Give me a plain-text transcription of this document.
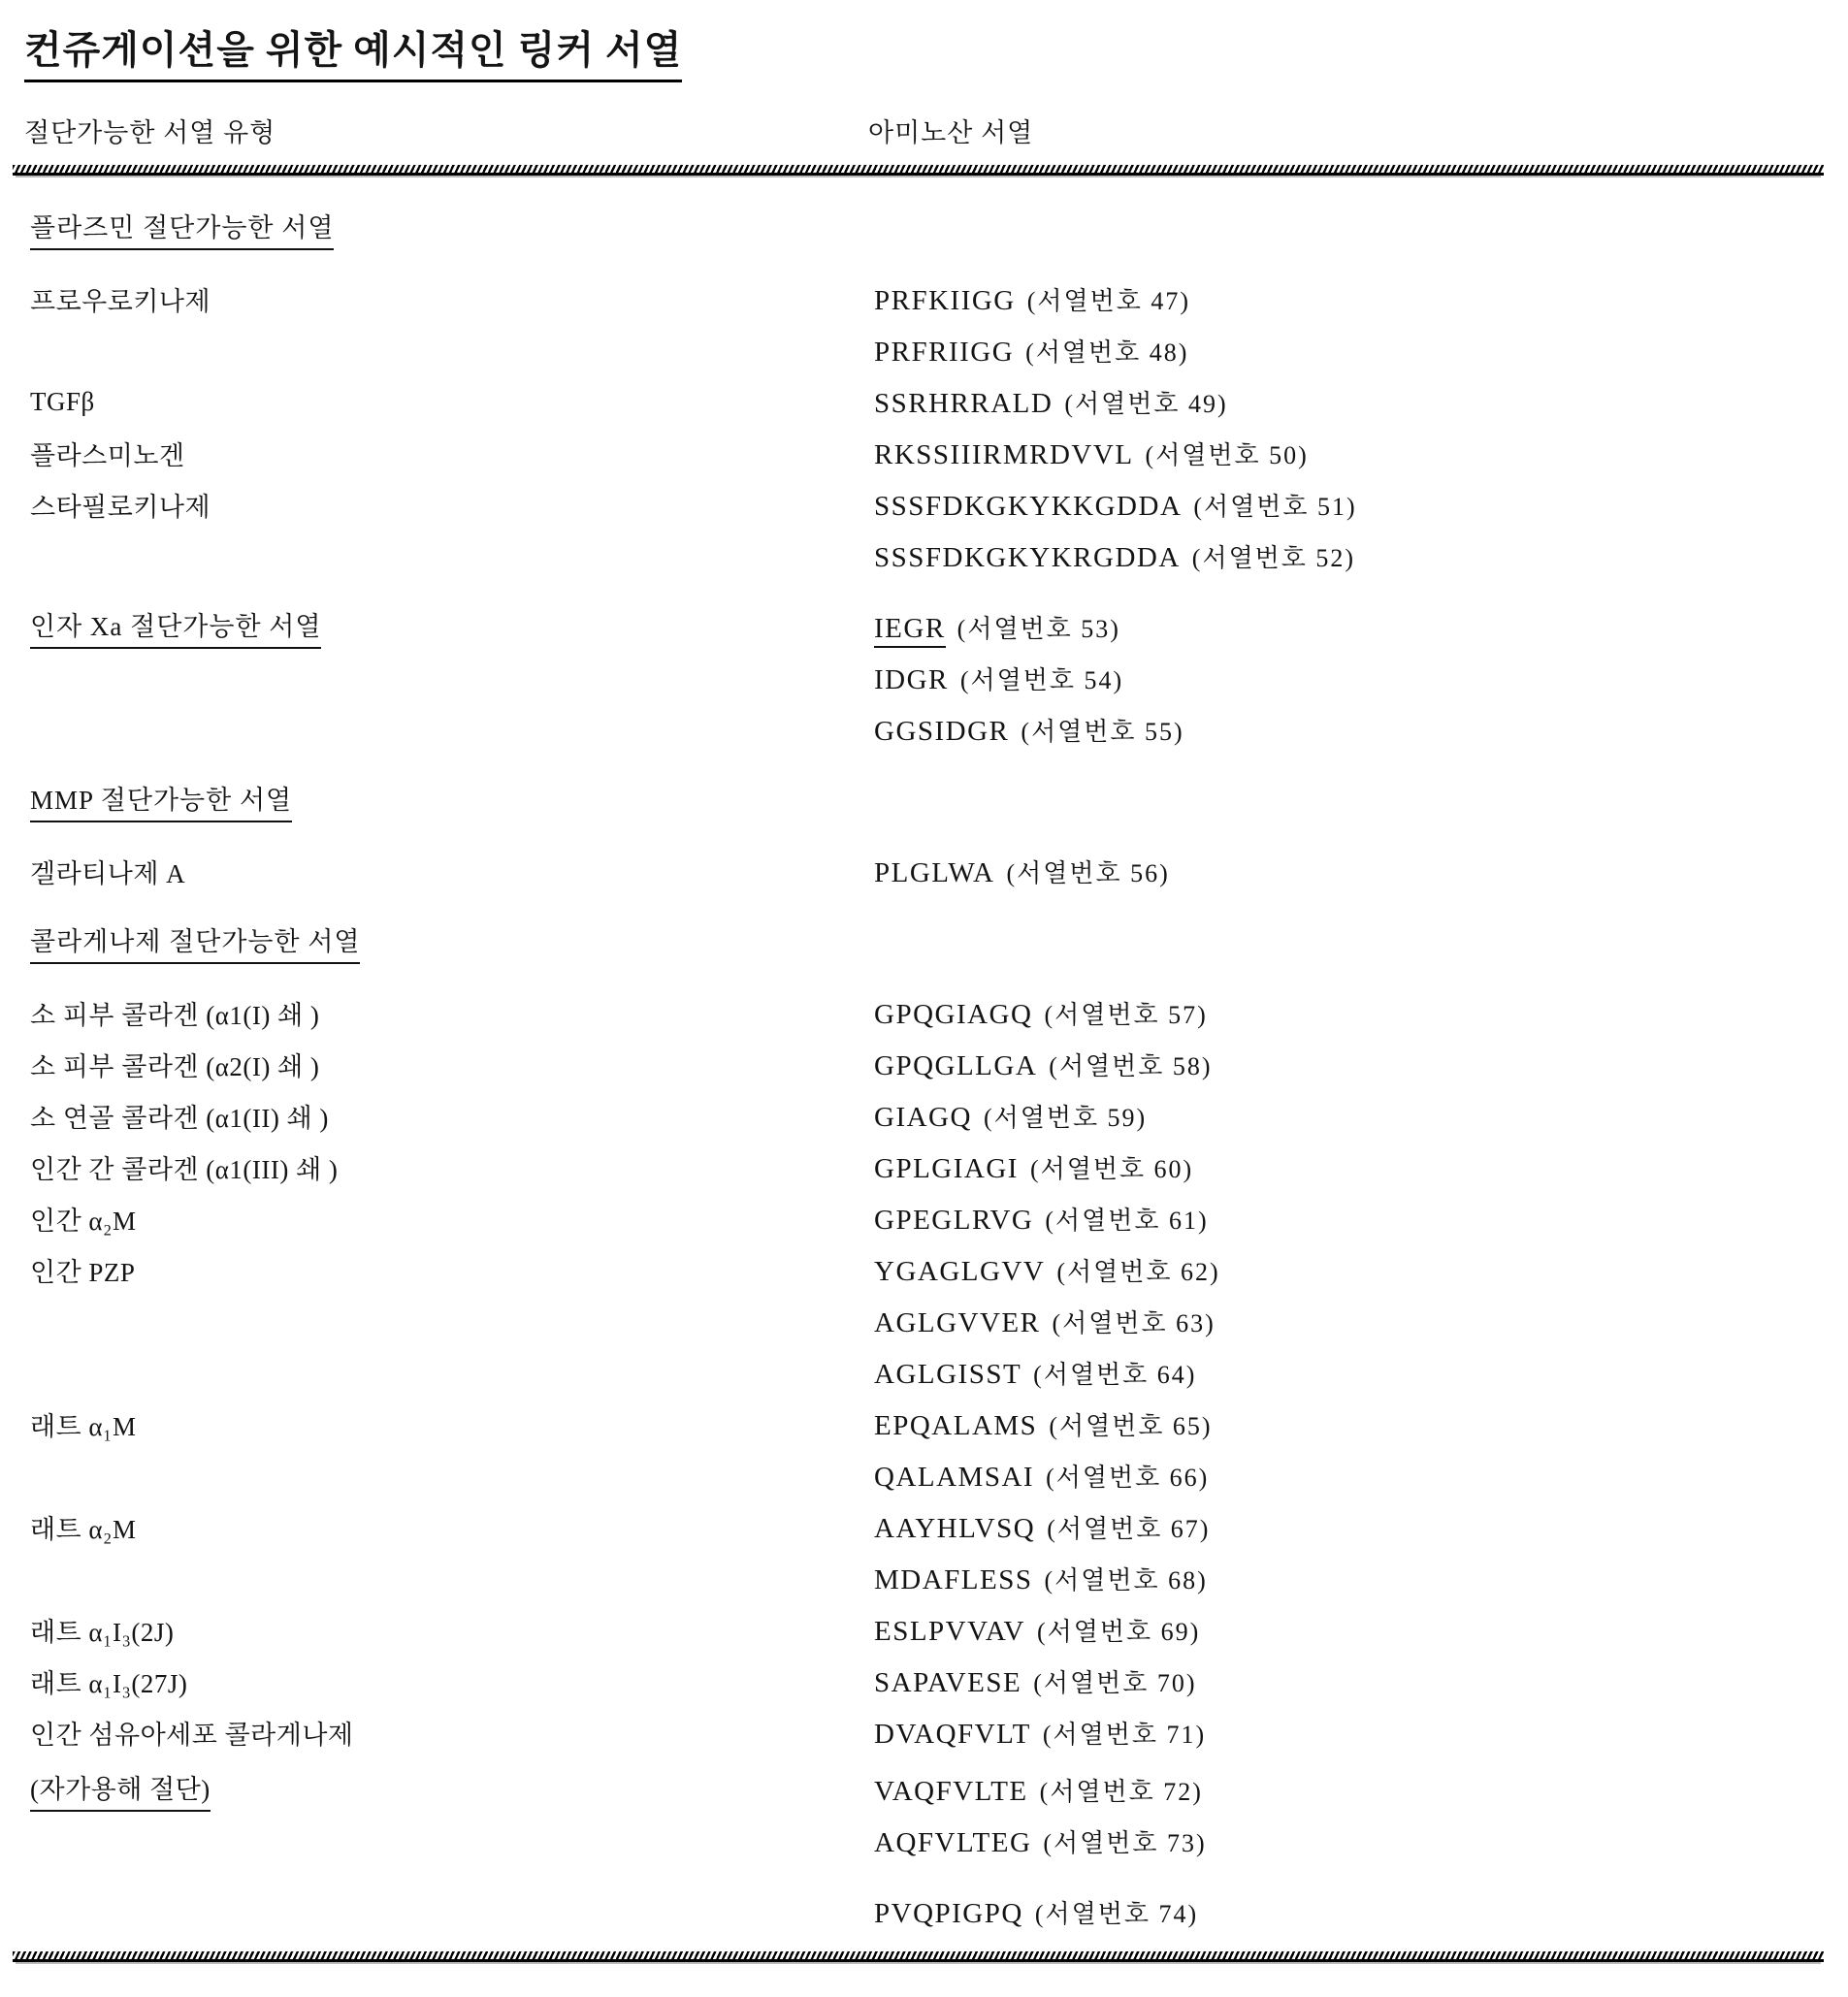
컨쥬게이션을 위한 예시적인 링커 서열
절단가능한 서열 유형	아미노산 서열
플라즈민 절단가능한 서열
프로우로키나제	PRFKIIGG (서열번호 47)
PRFRIIGG (서열번호 48)
TGFβ	SSRHRRALD (서열번호 49)
플라스미노겐	RKSSIIIRMRDVVL (서열번호 50)
스타필로키나제	SSSFDKGKYKKGDDA (서열번호 51)
SSSFDKGKYKRGDDA (서열번호 52)
인자 Xa 절단가능한 서열	IEGR (서열번호 53)
IDGR (서열번호 54)
GGSIDGR (서열번호 55)
MMP 절단가능한 서열
겔라티나제 A	PLGLWA (서열번호 56)
콜라게나제 절단가능한 서열
소 피부 콜라겐 (α1(I) 쇄 )	GPQGIAGQ (서열번호 57)
소 피부 콜라겐 (α2(I) 쇄 )	GPQGLLGA (서열번호 58)
소 연골 콜라겐 (α1(II) 쇄 )	GIAGQ (서열번호 59)
인간 간 콜라겐 (α1(III) 쇄 )	GPLGIAGI (서열번호 60)
인간 α₂M	GPEGLRVG (서열번호 61)
인간 PZP	YGAGLGVV (서열번호 62)
AGLGVVER (서열번호 63)
AGLGISST (서열번호 64)
래트 α₁M	EPQALAMS (서열번호 65)
QALAMSAI (서열번호 66)
래트 α₂M	AAYHLVSQ (서열번호 67)
MDAFLESS (서열번호 68)
래트 α₁I₃(2J)	ESLPVVAV (서열번호 69)
래트 α₁I₃(27J)	SAPAVESE (서열번호 70)
인간 섬유아세포 콜라게나제	DVAQFVLT (서열번호 71)
(자가용해 절단)	VAQFVLTE (서열번호 72)
AQFVLTEG (서열번호 73)
PVQPIGPQ (서열번호 74)
